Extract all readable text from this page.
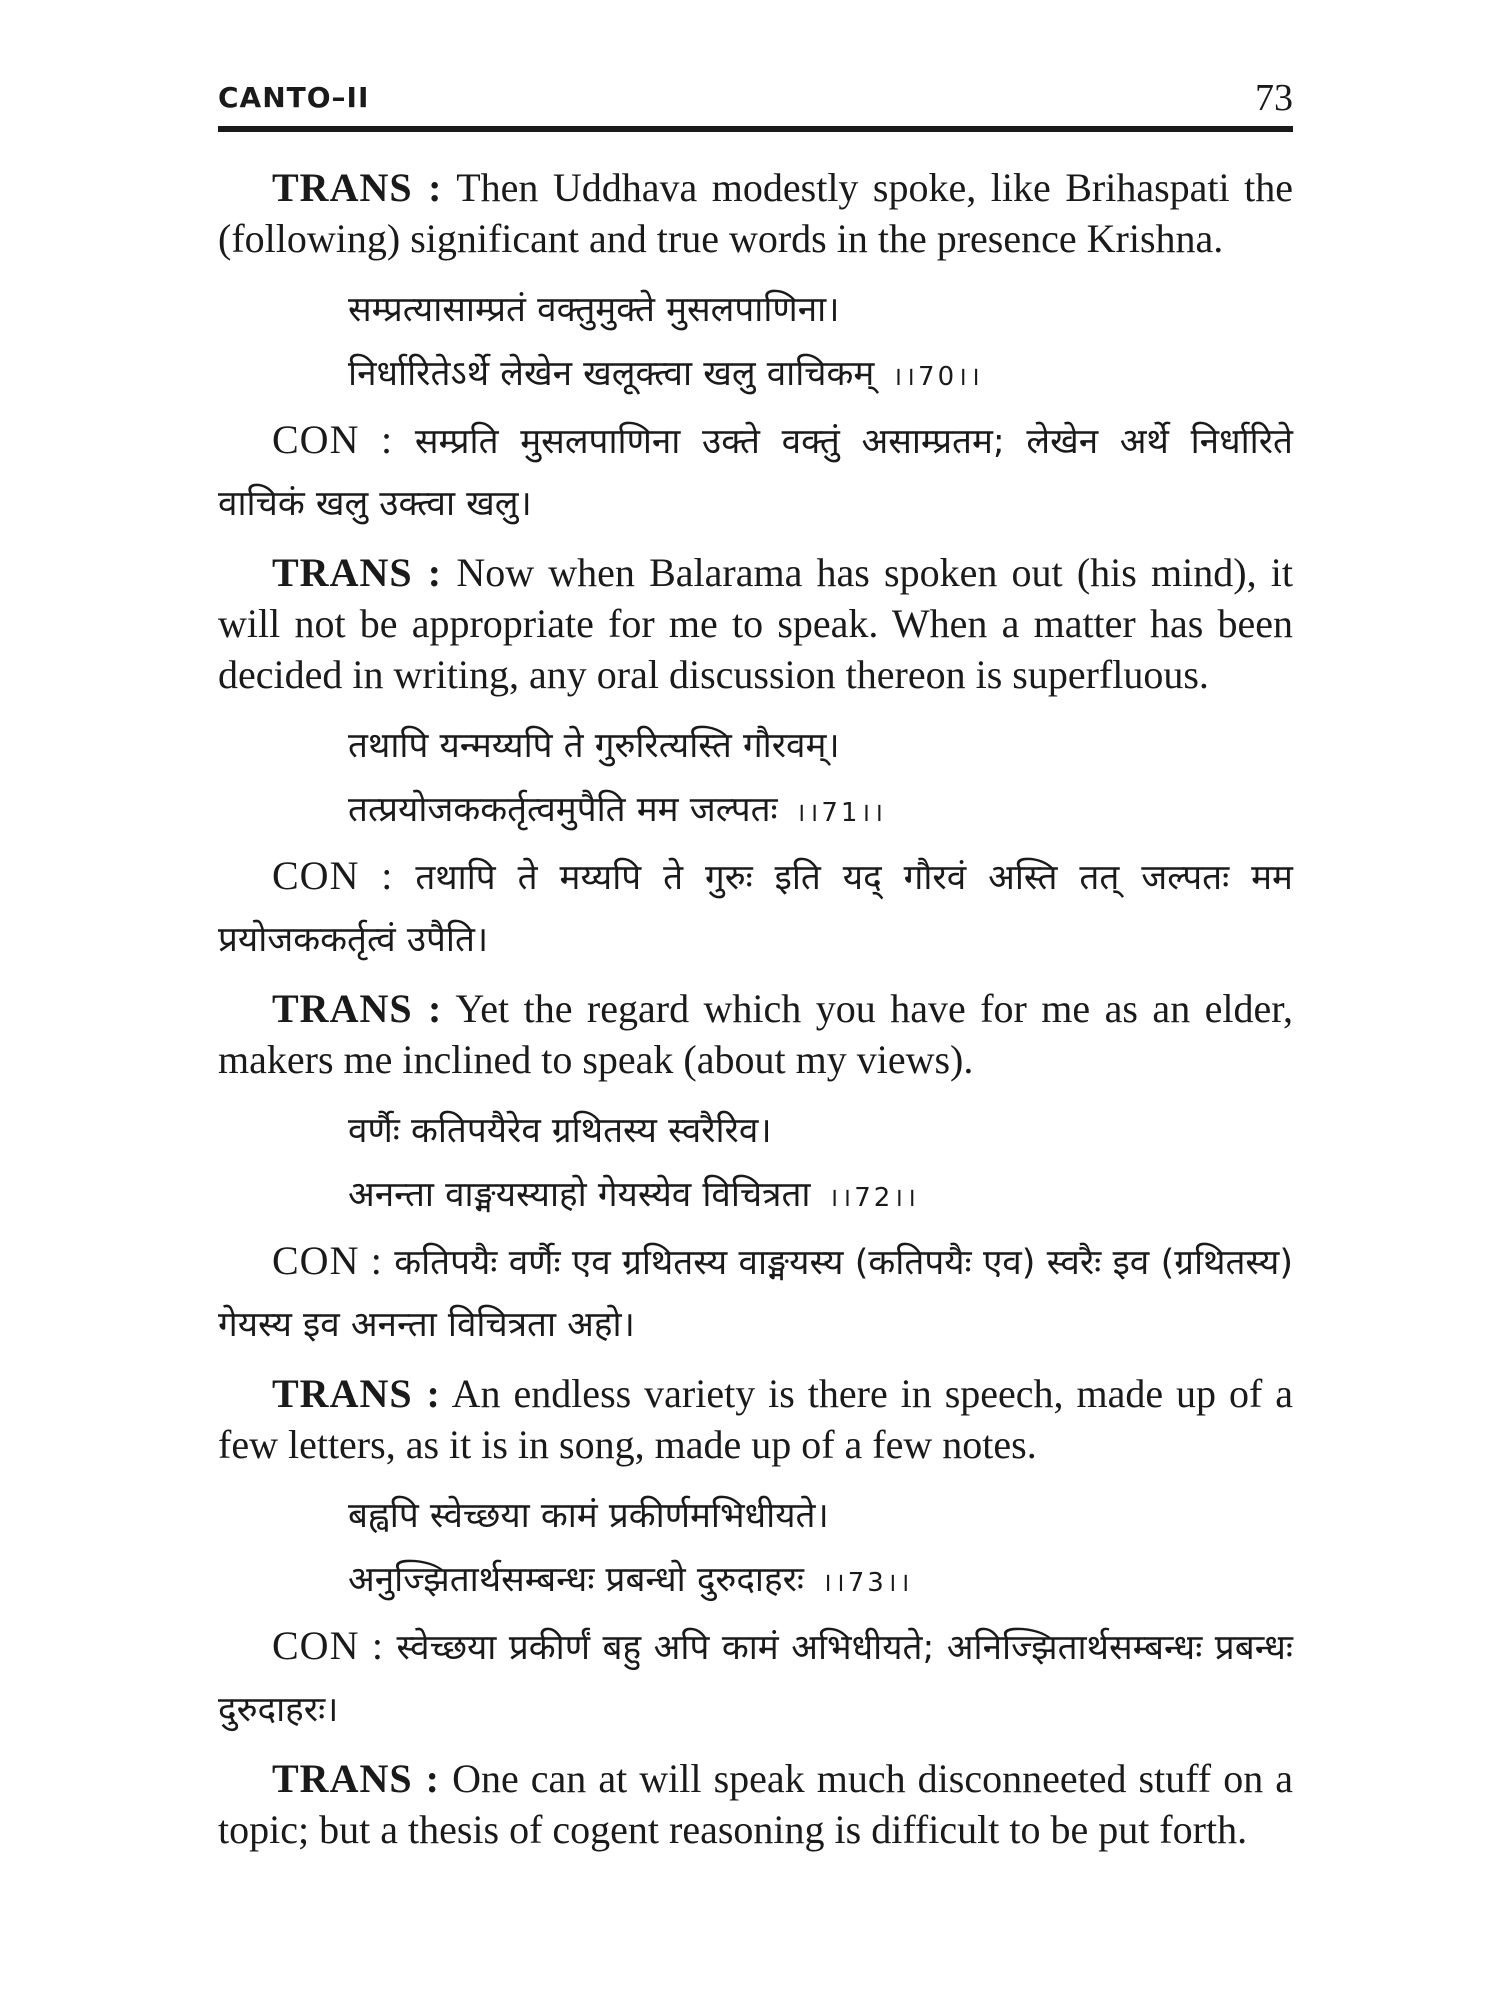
CANTO–II	73

TRANS : Then Uddhava modestly spoke, like Brihaspati the (following) significant and true words in the presence Krishna.

सम्प्रत्यासाम्प्रतं वक्तुमुक्ते मुसलपाणिना।
निर्धारितेऽर्थे लेखेन खलूक्त्वा खलु वाचिकम् ।।70।।

CON : सम्प्रति मुसलपाणिना उक्ते वक्तुं असाम्प्रतम; लेखेन अर्थे निर्धारिते वाचिकं खलु उक्त्वा खलु।

TRANS : Now when Balarama has spoken out (his mind), it will not be appropriate for me to speak. When a matter has been decided in writing, any oral discussion thereon is superfluous.

तथापि यन्मय्यपि ते गुरुरित्यस्ति गौरवम्।
तत्प्रयोजककर्तृत्वमुपैति मम जल्पतः ।।71।।

CON : तथापि ते मय्यपि ते गुरुः इति यद् गौरवं अस्ति तत् जल्पतः मम प्रयोजककर्तृत्वं उपैति।

TRANS : Yet the regard which you have for me as an elder, makers me inclined to speak (about my views).

वर्णैः कतिपयैरेव ग्रथितस्य स्वरैरिव।
अनन्ता वाङ्मयस्याहो गेयस्येव विचित्रता ।।72।।

CON : कतिपयैः वर्णैः एव ग्रथितस्य वाङ्मयस्य (कतिपयैः एव) स्वरैः इव (ग्रथितस्य) गेयस्य इव अनन्ता विचित्रता अहो।

TRANS : An endless variety is there in speech, made up of a few letters, as it is in song, made up of a few notes.

बह्वपि स्वेच्छया कामं प्रकीर्णमभिधीयते।
अनुज्झितार्थसम्बन्धः प्रबन्धो दुरुदाहरः ।।73।।

CON : स्वेच्छया प्रकीर्णं बहु अपि कामं अभिधीयते; अनिज्झितार्थसम्बन्धः प्रबन्धः दुरुदाहरः।

TRANS : One can at will speak much disconneeted stuff on a topic; but a thesis of cogent reasoning is difficult to be put forth.
